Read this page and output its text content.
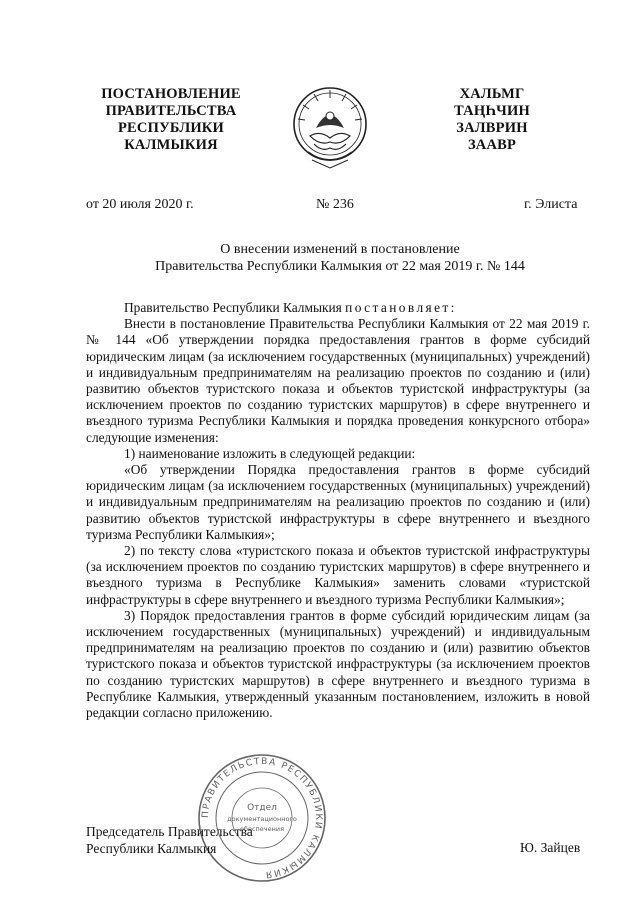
ПОСТАНОВЛЕНИЕ
ПРАВИТЕЛЬСТВА
РЕСПУБЛИКИ
КАЛМЫКИЯ
ХАЛЬМГ
ТАҢҺЧИН
ЗАЛВРИН
ЗААВР
от 20 июля 2020 г.	№ 236	г. Элиста
О внесении изменений в постановление
Правительства Республики Калмыкия от 22 мая 2019 г. № 144

Правительство Республики Калмыкия постановляет:

Внести в постановление Правительства Республики Калмыкия от 22 мая 2019 г. № 144 «Об утверждении порядка предоставления грантов в форме субсидий юридическим лицам (за исключением государственных (муниципальных) учреждений) и индивидуальным предпринимателям на реализацию проектов по созданию и (или) развитию объектов туристского показа и объектов туристской инфраструктуры (за исключением проектов по созданию туристских маршрутов) в сфере внутреннего и въездного туризма Республики Калмыкия и порядка проведения конкурсного отбора» следующие изменения:

1) наименование изложить в следующей редакции:

«Об утверждении Порядка предоставления грантов в форме субсидий юридическим лицам (за исключением государственных (муниципальных) учреждений) и индивидуальным предпринимателям на реализацию проектов по созданию и (или) развитию объектов туристской инфраструктуры в сфере внутреннего и въездного туризма Республики Калмыкия»;

2) по тексту слова «туристского показа и объектов туристской инфраструктуры (за исключением проектов по созданию туристских маршрутов) в сфере внутреннего и въездного туризма в Республике Калмыкия» заменить словами «туристской инфраструктуры в сфере внутреннего и въездного туризма Республики Калмыкия»;

3) Порядок предоставления грантов в форме субсидий юридическим лицам (за исключением государственных (муниципальных) учреждений) и индивидуальным предпринимателям на реализацию проектов по созданию и (или) развитию объектов туристского показа и объектов туристской инфраструктуры (за исключением проектов по созданию туристских маршрутов) в сфере внутреннего и въездного туризма в Республике Калмыкия, утвержденный указанным постановлением, изложить в новой редакции согласно приложению.

ПРАВИТЕЛЬСТВА РЕСПУБЛИКИ КАЛМЫКИЯ
Отдел
документационного
обеспечения
Председатель Правительства
Республики Калмыкия	Ю. Зайцев
